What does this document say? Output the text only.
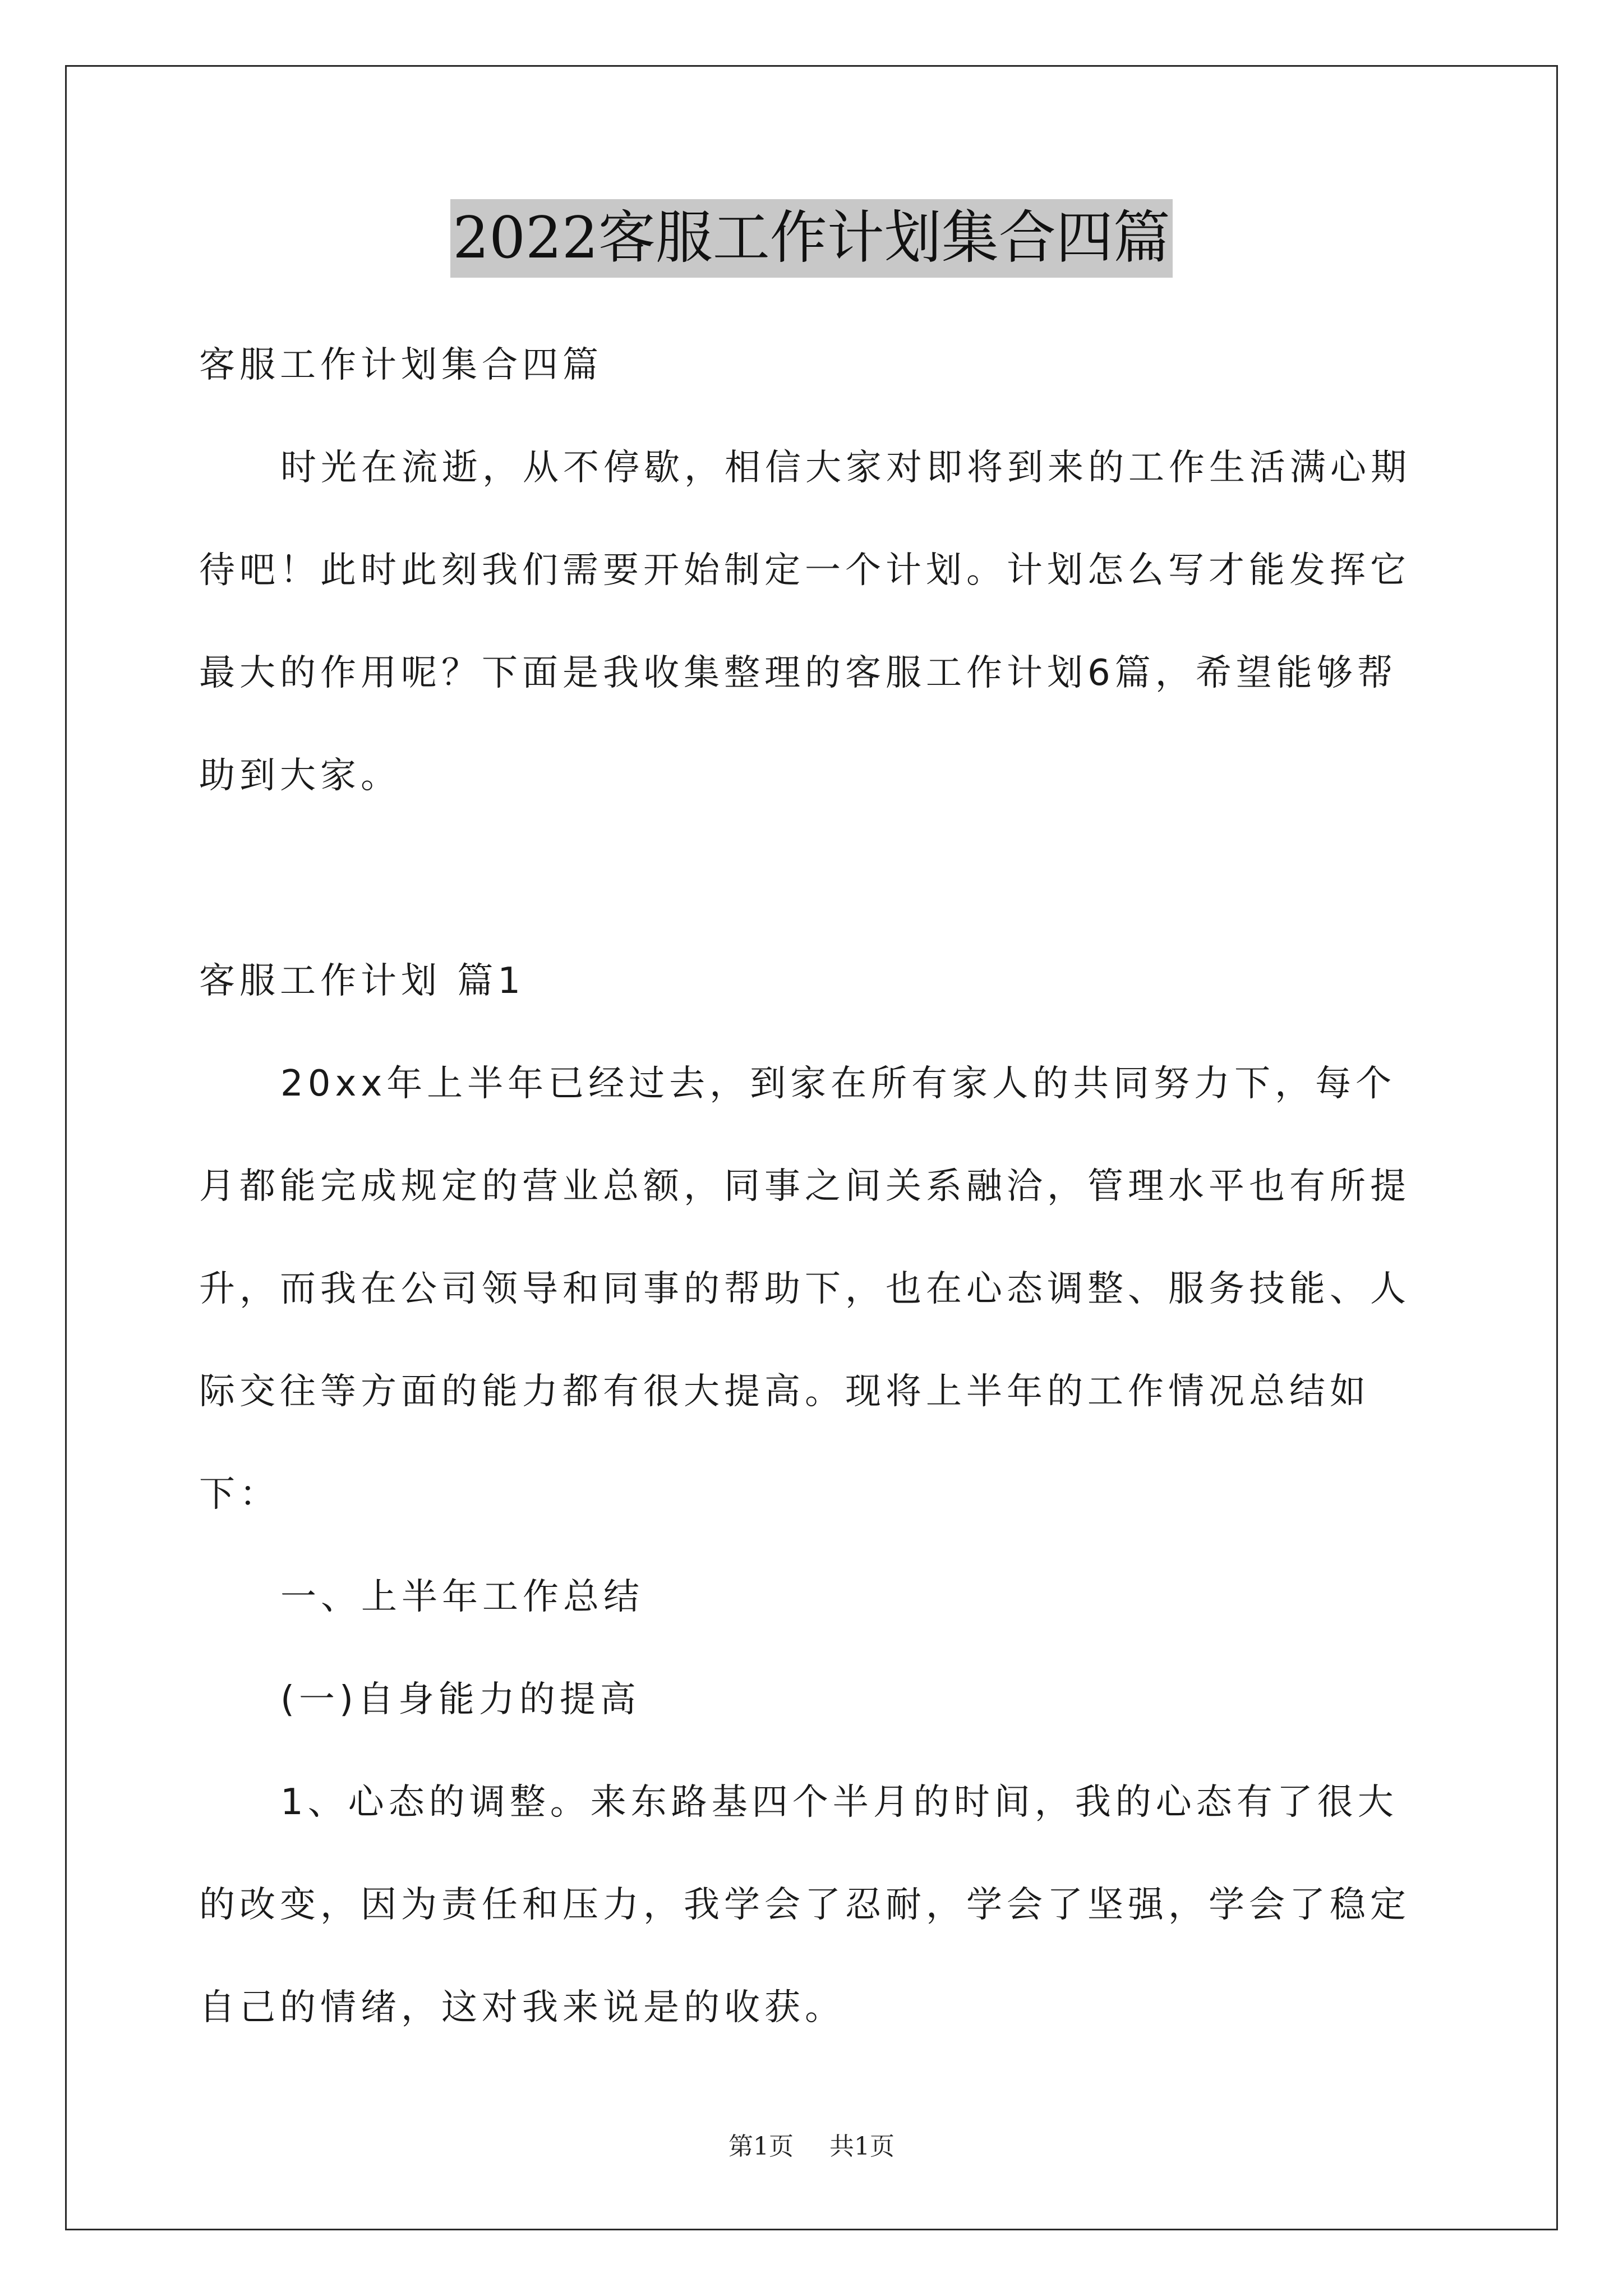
2022客服工作计划集合四篇

客服工作计划集合四篇

时光在流逝，从不停歇，相信大家对即将到来的工作生活满心期待吧！此时此刻我们需要开始制定一个计划。计划怎么写才能发挥它最大的作用呢？下面是我收集整理的客服工作计划6篇，希望能够帮助到大家。

客服工作计划 篇1

20xx年上半年已经过去，到家在所有家人的共同努力下，每个月都能完成规定的营业总额，同事之间关系融洽，管理水平也有所提升，而我在公司领导和同事的帮助下，也在心态调整、服务技能、人际交往等方面的能力都有很大提高。现将上半年的工作情况总结如下：

一、上半年工作总结

(一)自身能力的提高

1、心态的调整。来东路基四个半月的时间，我的心态有了很大的改变，因为责任和压力，我学会了忍耐，学会了坚强，学会了稳定自己的情绪，这对我来说是的收获。

第1页 共1页
